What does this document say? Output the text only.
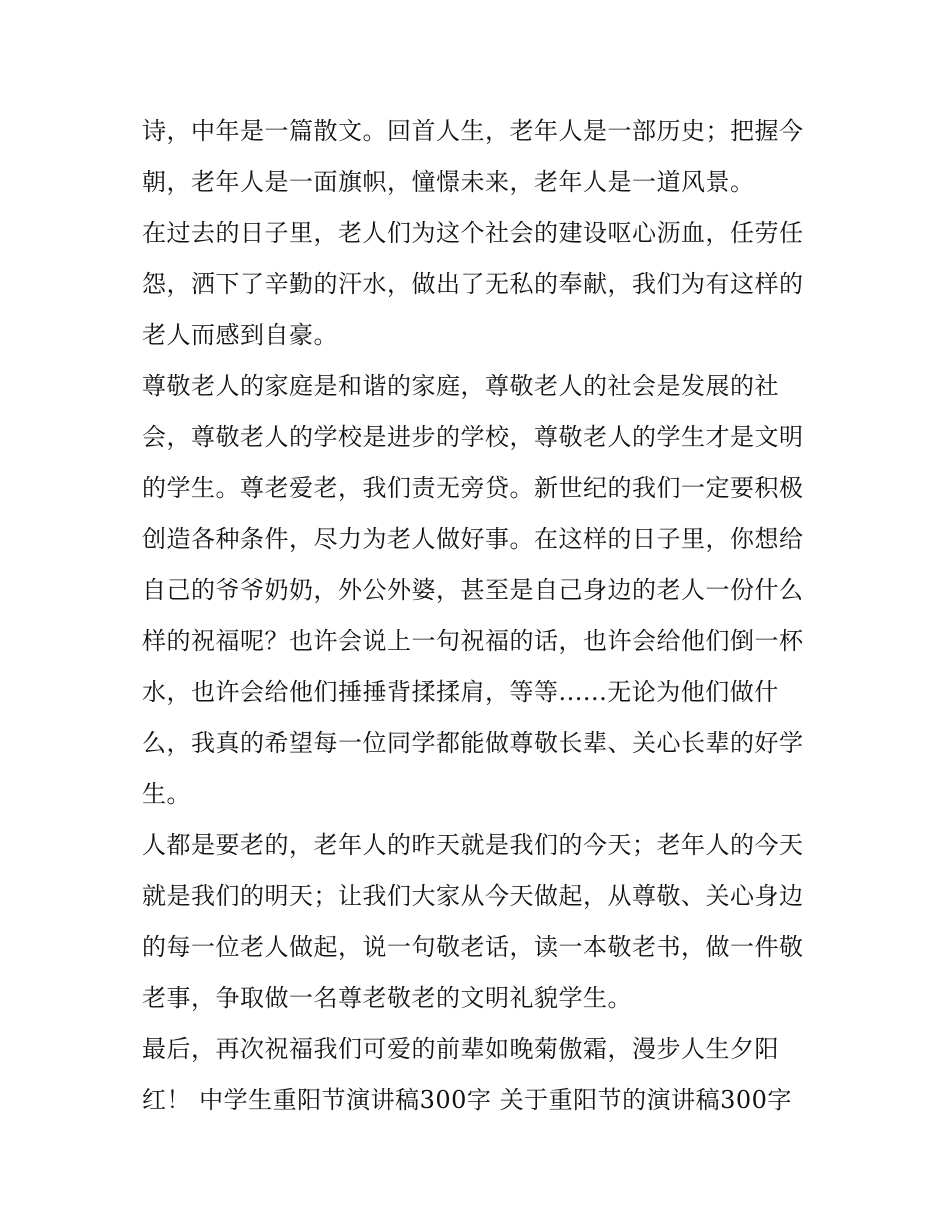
诗，中年是一篇散文。回首人生，老年人是一部历史；把握今
朝，老年人是一面旗帜，憧憬未来，老年人是一道风景。
在过去的日子里，老人们为这个社会的建设呕心沥血，任劳任
怨，洒下了辛勤的汗水，做出了无私的奉献，我们为有这样的
老人而感到自豪。
尊敬老人的家庭是和谐的家庭，尊敬老人的社会是发展的社
会，尊敬老人的学校是进步的学校，尊敬老人的学生才是文明
的学生。尊老爱老，我们责无旁贷。新世纪的我们一定要积极
创造各种条件，尽力为老人做好事。在这样的日子里，你想给
自己的爷爷奶奶，外公外婆，甚至是自己身边的老人一份什么
样的祝福呢？也许会说上一句祝福的话，也许会给他们倒一杯
水，也许会给他们捶捶背揉揉肩，等等......无论为他们做什
么，我真的希望每一位同学都能做尊敬长辈、关心长辈的好学
生。
人都是要老的，老年人的昨天就是我们的今天；老年人的今天
就是我们的明天；让我们大家从今天做起，从尊敬、关心身边
的每一位老人做起，说一句敬老话，读一本敬老书，做一件敬
老事，争取做一名尊老敬老的文明礼貌学生。
最后，再次祝福我们可爱的前辈如晚菊傲霜，漫步人生夕阳
红！ 中学生重阳节演讲稿300字 关于重阳节的演讲稿300字
